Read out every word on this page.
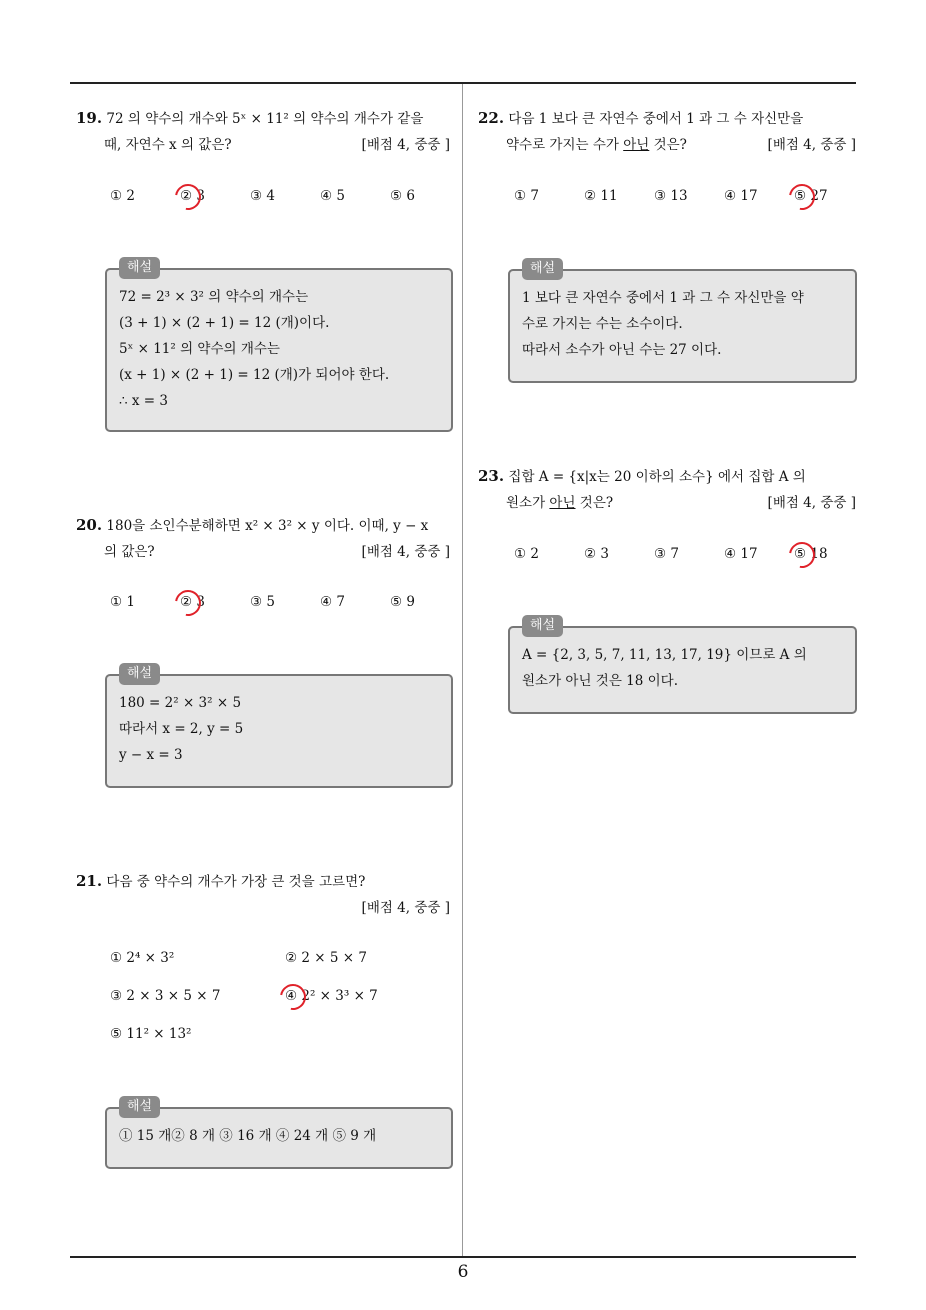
19. 72 의 약수의 개수와 5ˣ × 11² 의 약수의 개수가 같을
때, 자연수 x 의 값은?	[배점 4, 중중 ]
① 2	② 3	③ 4	④ 5	⑤ 6
해설
72 = 2³ × 3² 의 약수의 개수는
(3 + 1) × (2 + 1) = 12 (개)이다.
5ˣ × 11² 의 약수의 개수는
(x + 1) × (2 + 1) = 12 (개)가 되어야 한다.
∴ x = 3
20. 180을 소인수분해하면 x² × 3² × y 이다. 이때, y − x
의 값은?	[배점 4, 중중 ]
① 1	② 3	③ 5	④ 7	⑤ 9
해설
180 = 2² × 3² × 5
따라서 x = 2, y = 5
y − x = 3
21. 다음 중 약수의 개수가 가장 큰 것을 고르면?
[배점 4, 중중 ]

① 2⁴ × 3²	② 2 × 5 × 7
③ 2 × 3 × 5 × 7	④ 2² × 3³ × 7
⑤ 11² × 13²
해설
① 15 개② 8 개 ③ 16 개 ④ 24 개 ⑤ 9 개
22. 다음 1 보다 큰 자연수 중에서 1 과 그 수 자신만을
약수로 가지는 수가 아닌 것은?	[배점 4, 중중 ]
① 7	② 11	③ 13	④ 17	⑤ 27
해설
1 보다 큰 자연수 중에서 1 과 그 수 자신만을 약
수로 가지는 수는 소수이다.
따라서 소수가 아닌 수는 27 이다.
23. 집합 A = {x|x는 20 이하의 소수} 에서 집합 A 의
원소가 아닌 것은?	[배점 4, 중중 ]
① 2	② 3	③ 7	④ 17	⑤ 18
해설
A = {2, 3, 5, 7, 11, 13, 17, 19} 이므로 A 의
원소가 아닌 것은 18 이다.
6
